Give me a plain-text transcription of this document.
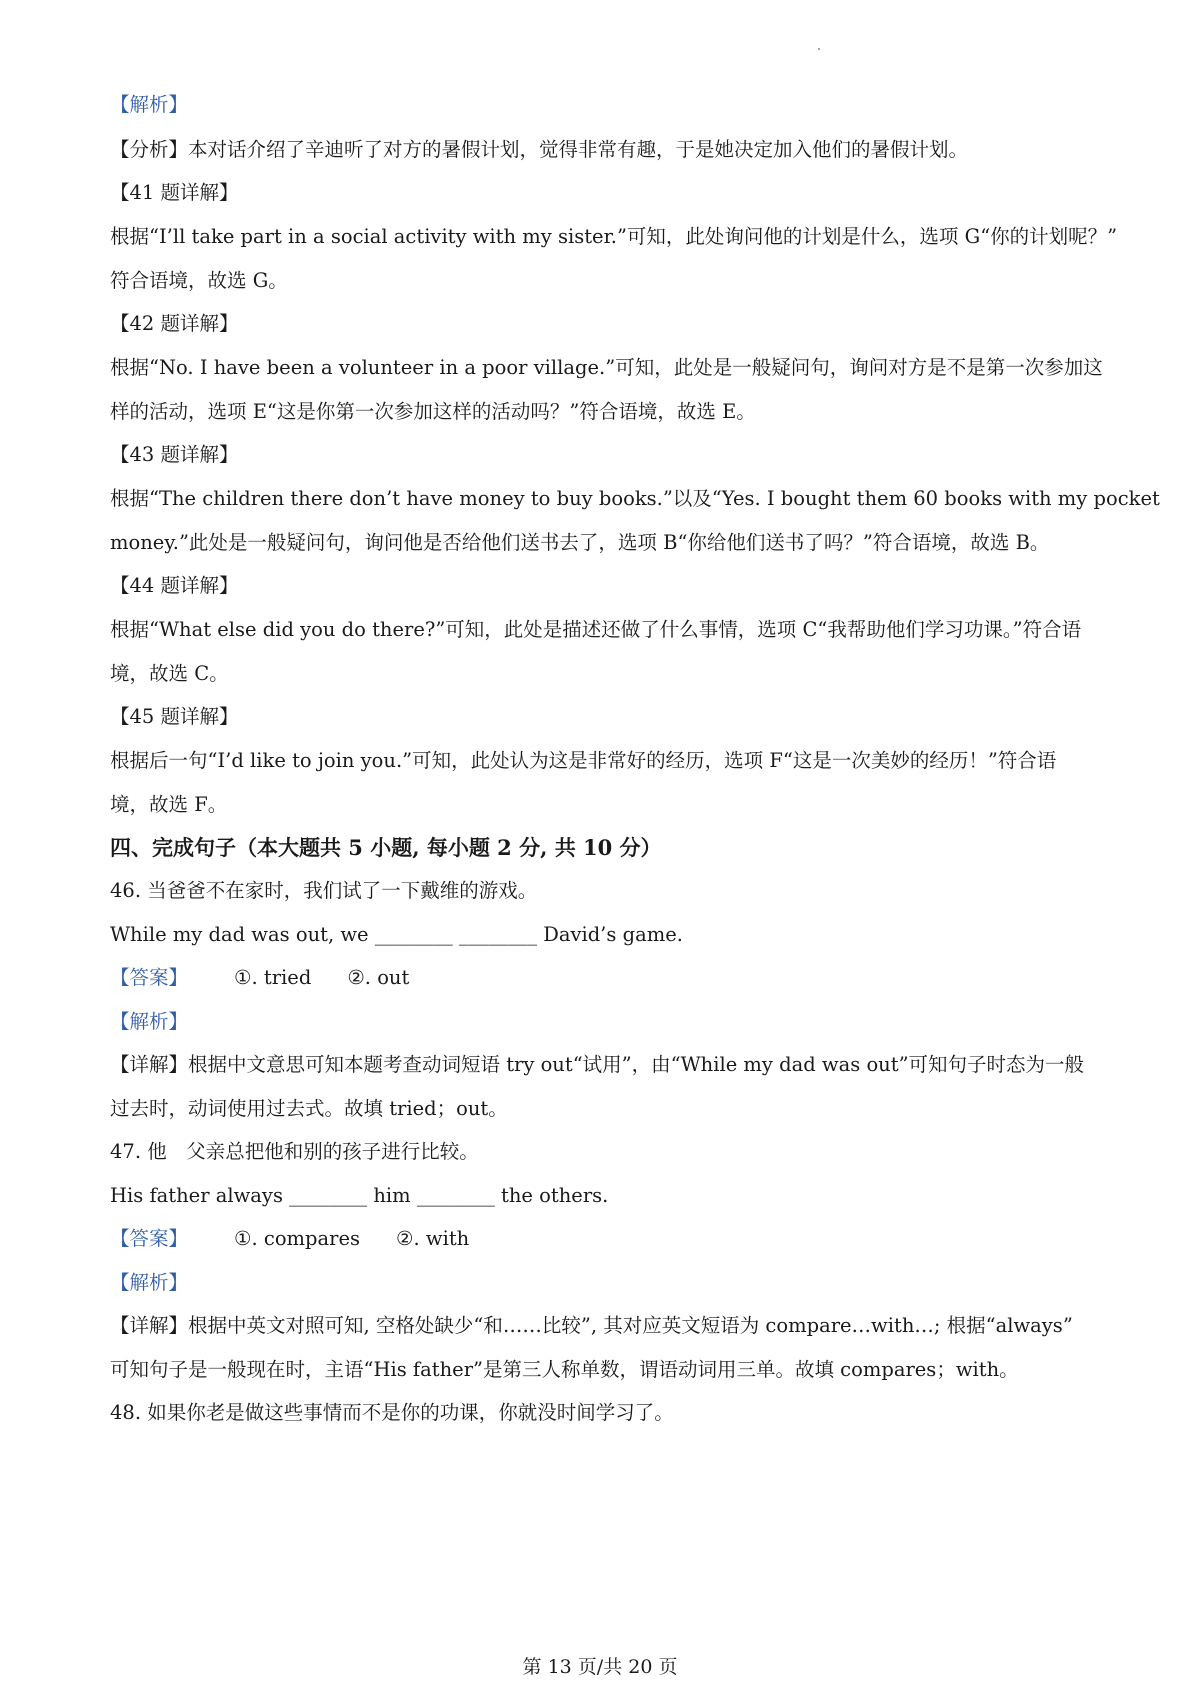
【解析】
【分析】本对话介绍了辛迪听了对方的暑假计划，觉得非常有趣，于是她决定加入他们的暑假计划。
【41 题详解】
根据“I’ll take part in a social activity with my sister.”可知，此处询问他的计划是什么，选项 G“你的计划呢？”
符合语境，故选 G。
【42 题详解】
根据“No. I have been a volunteer in a poor village.”可知，此处是一般疑问句，询问对方是不是第一次参加这
样的活动，选项 E“这是你第一次参加这样的活动吗？”符合语境，故选 E。
【43 题详解】
根据“The children there don’t have money to buy books.”以及“Yes. I bought them 60 books with my pocket
money.”此处是一般疑问句，询问他是否给他们送书去了，选项 B“你给他们送书了吗？”符合语境，故选 B。
【44 题详解】
根据“What else did you do there?”可知，此处是描述还做了什么事情，选项 C“我帮助他们学习功课。”符合语
境，故选 C。
【45 题详解】
根据后一句“I’d like to join you.”可知，此处认为这是非常好的经历，选项 F“这是一次美妙的经历！”符合语
境，故选 F。
四、完成句子（本大题共 5 小题, 每小题 2 分, 共 10 分）
46. 当爸爸不在家时，我们试了一下戴维的游戏。
While my dad was out, we ________ ________ David’s game.
【答案】 ①. tried ②. out
【解析】
【详解】根据中文意思可知本题考查动词短语 try out“试用”，由“While my dad was out”可知句子时态为一般
过去时，动词使用过去式。故填 tried；out。
47. 他　父亲总把他和别的孩子进行比较。
His father always ________ him ________ the others.
【答案】 ①. compares ②. with
【解析】
【详解】根据中英文对照可知, 空格处缺少“和……比较”, 其对应英文短语为 compare…with…; 根据“always”
可知句子是一般现在时，主语“His father”是第三人称单数，谓语动词用三单。故填 compares；with。
48. 如果你老是做这些事情而不是你的功课，你就没时间学习了。
第 13 页/共 20 页
